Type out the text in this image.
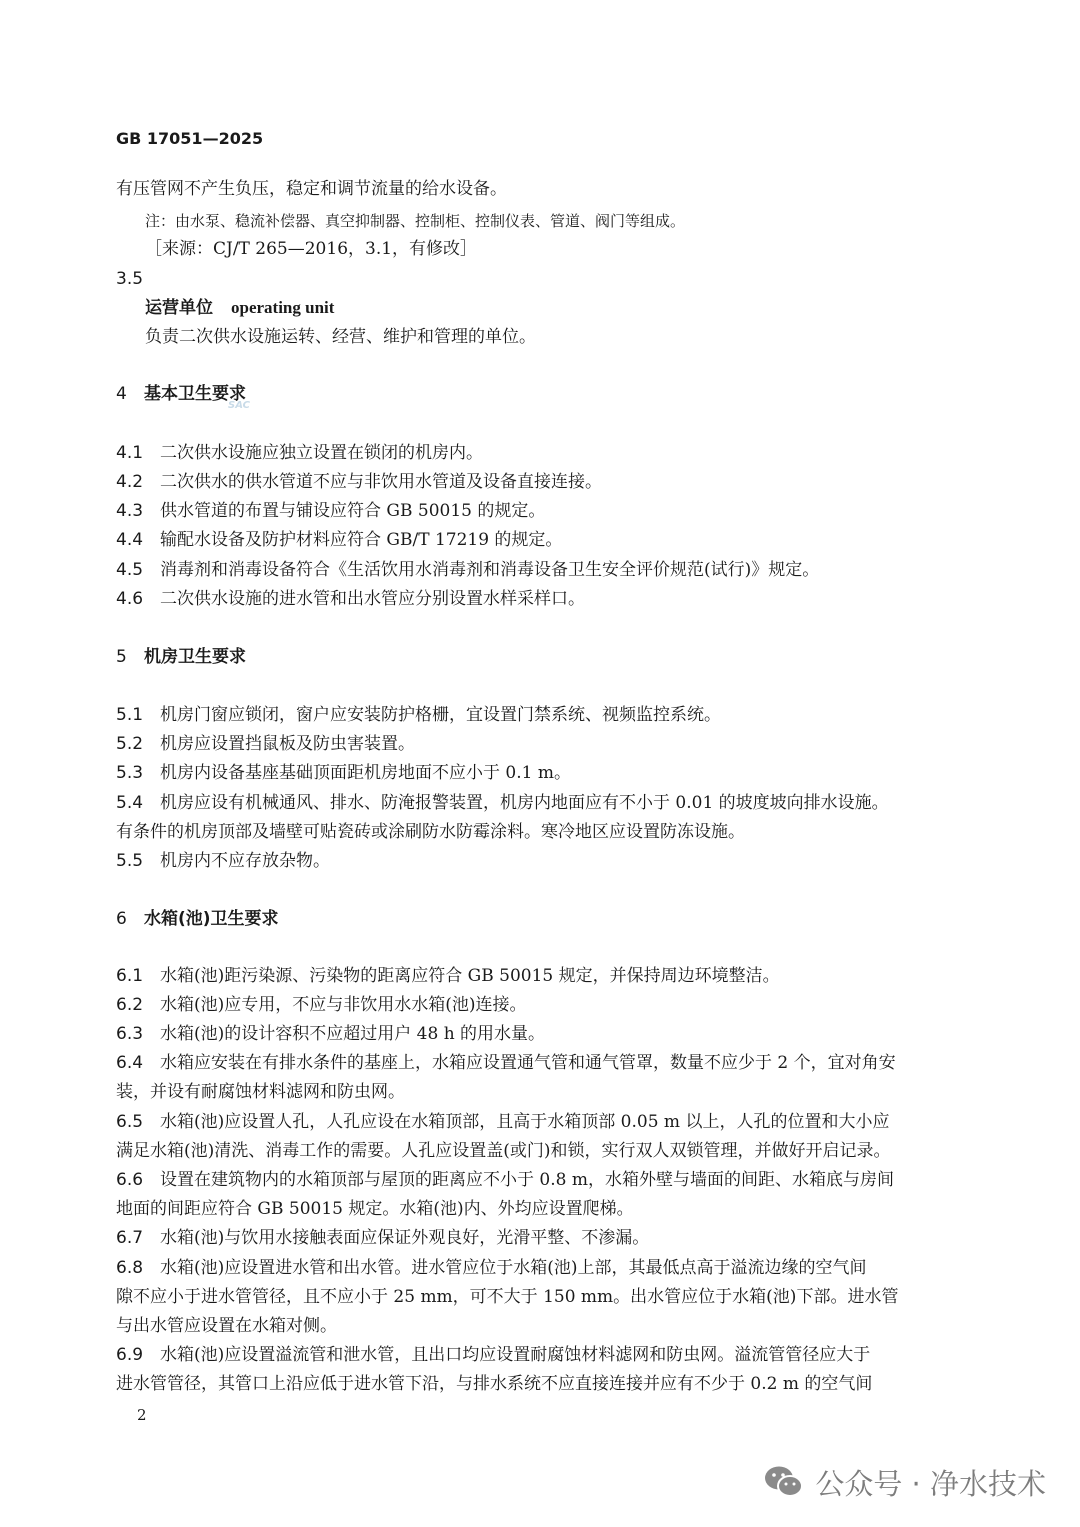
GB 17051—2025
有压管网不产生负压，稳定和调节流量的给水设备。
注：由水泵、稳流补偿器、真空抑制器、控制柜、控制仪表、管道、阀门等组成。
［来源：CJ/T 265—2016，3.1，有修改］
3.5
运营单位 operating unit
负责二次供水设施运转、经营、维护和管理的单位。
4 基本卫生要求
SAC
4.1 二次供水设施应独立设置在锁闭的机房内。
4.2 二次供水的供水管道不应与非饮用水管道及设备直接连接。
4.3 供水管道的布置与铺设应符合 GB 50015 的规定。
4.4 输配水设备及防护材料应符合 GB/T 17219 的规定。
4.5 消毒剂和消毒设备符合《生活饮用水消毒剂和消毒设备卫生安全评价规范(试行)》规定。
4.6 二次供水设施的进水管和出水管应分别设置水样采样口。
5 机房卫生要求
5.1 机房门窗应锁闭，窗户应安装防护格栅，宜设置门禁系统、视频监控系统。
5.2 机房应设置挡鼠板及防虫害装置。
5.3 机房内设备基座基础顶面距机房地面不应小于 0.1 m。
5.4 机房应设有机械通风、排水、防淹报警装置，机房内地面应有不小于 0.01 的坡度坡向排水设施。
有条件的机房顶部及墙壁可贴瓷砖或涂刷防水防霉涂料。寒冷地区应设置防冻设施。
5.5 机房内不应存放杂物。
6 水箱(池)卫生要求
6.1 水箱(池)距污染源、污染物的距离应符合 GB 50015 规定，并保持周边环境整洁。
6.2 水箱(池)应专用，不应与非饮用水水箱(池)连接。
6.3 水箱(池)的设计容积不应超过用户 48 h 的用水量。
6.4 水箱应安装在有排水条件的基座上，水箱应设置通气管和通气管罩，数量不应少于 2 个，宜对角安
装，并设有耐腐蚀材料滤网和防虫网。
6.5 水箱(池)应设置人孔，人孔应设在水箱顶部，且高于水箱顶部 0.05 m 以上，人孔的位置和大小应
满足水箱(池)清洗、消毒工作的需要。人孔应设置盖(或门)和锁，实行双人双锁管理，并做好开启记录。
6.6 设置在建筑物内的水箱顶部与屋顶的距离应不小于 0.8 m，水箱外壁与墙面的间距、水箱底与房间
地面的间距应符合 GB 50015 规定。水箱(池)内、外均应设置爬梯。
6.7 水箱(池)与饮用水接触表面应保证外观良好，光滑平整、不渗漏。
6.8 水箱(池)应设置进水管和出水管。进水管应位于水箱(池)上部，其最低点高于溢流边缘的空气间
隙不应小于进水管管径，且不应小于 25 mm，可不大于 150 mm。出水管应位于水箱(池)下部。进水管
与出水管应设置在水箱对侧。
6.9 水箱(池)应设置溢流管和泄水管，且出口均应设置耐腐蚀材料滤网和防虫网。溢流管管径应大于
进水管管径，其管口上沿应低于进水管下沿，与排水系统不应直接连接并应有不少于 0.2 m 的空气间
2
公众号 · 净水技术
